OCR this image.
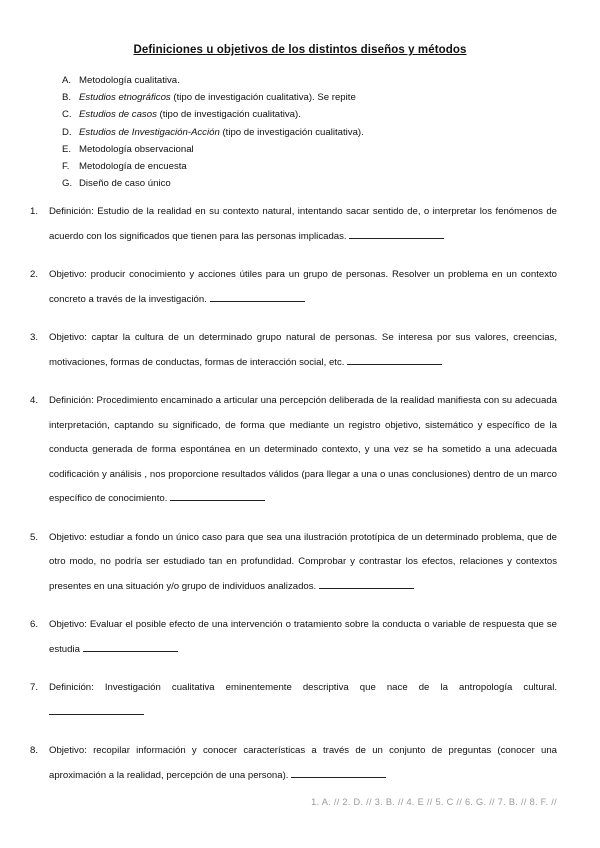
Definiciones u objetivos de los distintos diseños y métodos
A. Metodología cualitativa.
B. Estudios etnográficos (tipo de investigación cualitativa). Se repite
C. Estudios de casos (tipo de investigación cualitativa).
D. Estudios de Investigación-Acción (tipo de investigación cualitativa).
E. Metodología observacional
F. Metodología de encuesta
G. Diseño de caso único
1. Definición: Estudio de la realidad en su contexto natural, intentando sacar sentido de, o interpretar los fenómenos de acuerdo con los significados que tienen para las personas implicadas.
2. Objetivo: producir conocimiento y acciones útiles para un grupo de personas. Resolver un problema en un contexto concreto a través de la investigación.
3. Objetivo: captar la cultura de un determinado grupo natural de personas. Se interesa por sus valores, creencias, motivaciones, formas de conductas, formas de interacción social, etc.
4. Definición: Procedimiento encaminado a articular una percepción deliberada de la realidad manifiesta con su adecuada interpretación, captando su significado, de forma que mediante un registro objetivo, sistemático y específico de la conducta generada de forma espontánea en un determinado contexto, y una vez se ha sometido a una adecuada codificación y análisis , nos proporcione resultados válidos (para llegar a una o unas conclusiones) dentro de un marco específico de conocimiento.
5. Objetivo: estudiar a fondo un único caso para que sea una ilustración prototípica de un determinado problema, que de otro modo, no podría ser estudiado tan en profundidad. Comprobar y contrastar los efectos, relaciones y contextos presentes en una situación y/o grupo de individuos analizados.
6. Objetivo: Evaluar el posible efecto de una intervención o tratamiento sobre la conducta o variable de respuesta que se estudia
7. Definición: Investigación cualitativa eminentemente descriptiva que nace de la antropología cultural.
8. Objetivo: recopilar información y conocer características a través de un conjunto de preguntas (conocer una aproximación a la realidad, percepción de una persona).
1. A. // 2. D. // 3. B. // 4. E // 5. C // 6. G. // 7. B. // 8. F. //
